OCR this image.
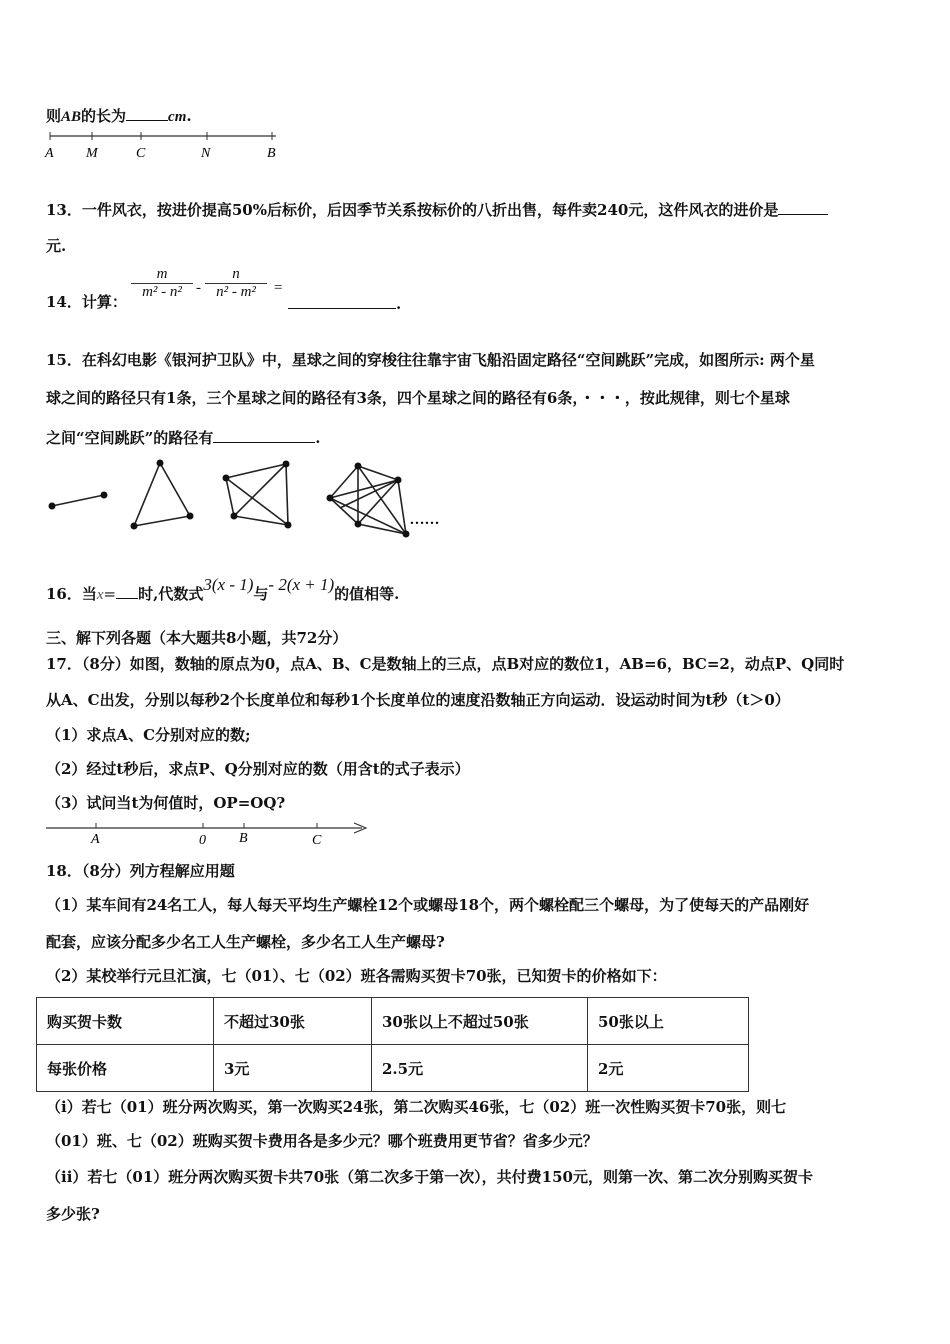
则AB的长为	cm.
A M	C	N	B
13．一件风衣，按进价提高50%后标价，后因季节关系按标价的八折出售，每件卖240元，这件风衣的进价是
元.
14．计算：
m
m² - n² -
n
n² - m²	=
.
15．在科幻电影《银河护卫队》中，星球之间的穿梭往往靠宇宙飞船沿固定路径“空间跳跃”完成，如图所示: 两个星
球之间的路径只有1条，三个星球之间的路径有3条，四个星球之间的路径有6条，・・・，按此规律，则七个星球
之间“空间跳跃”的路径有	.
……
16．当x= 时,代数式3(x - 1)与- 2(x + 1)的值相等.
三、解下列各题（本大题共8小题，共72分）
17．（8分）如图，数轴的原点为0，点A、B、C是数轴上的三点，点B对应的数位1，AB=6，BC=2，动点P、Q同时
从A、C出发，分别以每秒2个长度单位和每秒1个长度单位的速度沿数轴正方向运动．设运动时间为t秒（t＞0）
（1）求点A、C分别对应的数;
（2）经过t秒后，求点P、Q分别对应的数（用含t的式子表示）
（3）试问当t为何值时，OP=OQ?
A	0 B	C
18．（8分）列方程解应用题
（1）某车间有24名工人，每人每天平均生产螺栓12个或螺母18个，两个螺栓配三个螺母，为了使每天的产品刚好
配套，应该分配多少名工人生产螺栓，多少名工人生产螺母?
（2）某校举行元旦汇演，七（01）、七（02）班各需购买贺卡70张，已知贺卡的价格如下：
购买贺卡数	不超过30张	30张以上不超过50张	50张以上
每张价格	3元	2.5元	2元
（i）若七（01）班分两次购买，第一次购买24张，第二次购买46张，七（02）班一次性购买贺卡70张，则七
（01）班、七（02）班购买贺卡费用各是多少元？哪个班费用更节省？省多少元？
（ii）若七（01）班分两次购买贺卡共70张（第二次多于第一次），共付费150元，则第一次、第二次分别购买贺卡
多少张?
